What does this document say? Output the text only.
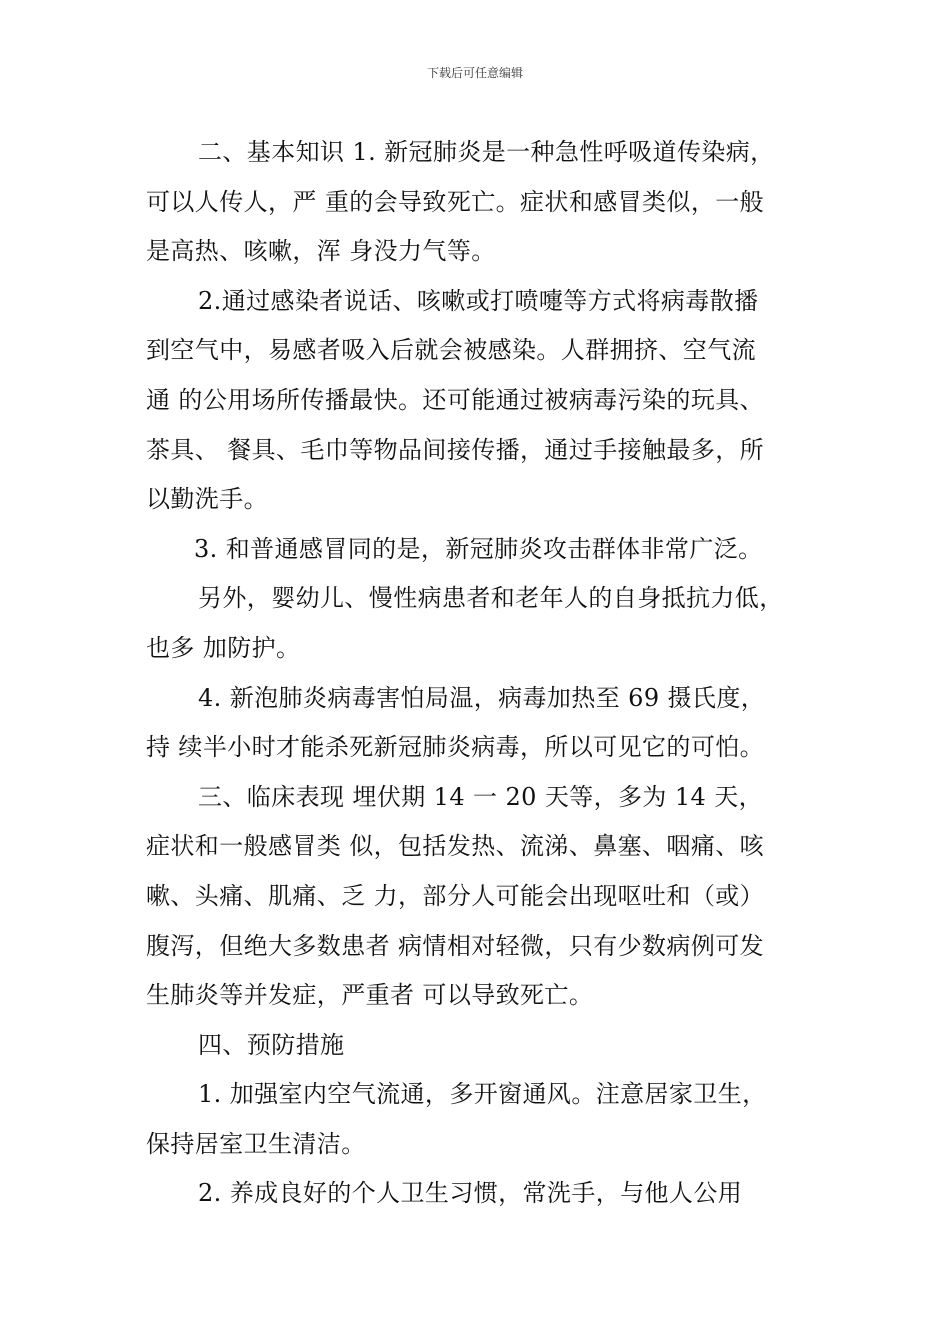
下载后可任意编辑
二、基本知识 1. 新冠肺炎是一种急性呼吸道传染病，
可以人传人，严 重的会导致死亡。症状和感冒类似，一般
是高热、咳嗽，浑 身没力气等。
2.通过感染者说话、咳嗽或打喷嚏等方式将病毒散播
到空气中，易感者吸入后就会被感染。人群拥挤、空气流
通 的公用场所传播最快。还可能通过被病毒污染的玩具、
茶具、 餐具、毛巾等物品间接传播，通过手接触最多，所
以勤洗手。
3. 和普通感冒同的是，新冠肺炎攻击群体非常广泛。
另外，婴幼儿、慢性病患者和老年人的自身抵抗力低，
也多 加防护。
4. 新泡肺炎病毒害怕局温，病毒加热至 69 摄氏度，
持 续半小时才能杀死新冠肺炎病毒，所以可见它的可怕。
三、临床表现 埋伏期 14 一 20 天等，多为 14 天，
症状和一般感冒类 似，包括发热、流涕、鼻塞、咽痛、咳
嗽、头痛、肌痛、乏 力，部分人可能会出现呕吐和（或）
腹泻，但绝大多数患者 病情相对轻微，只有少数病例可发
生肺炎等并发症，严重者 可以导致死亡。
四、预防措施
1. 加强室内空气流通，多开窗通风。注意居家卫生，
保持居室卫生清洁。
2. 养成良好的个人卫生习惯，常洗手，与他人公用
